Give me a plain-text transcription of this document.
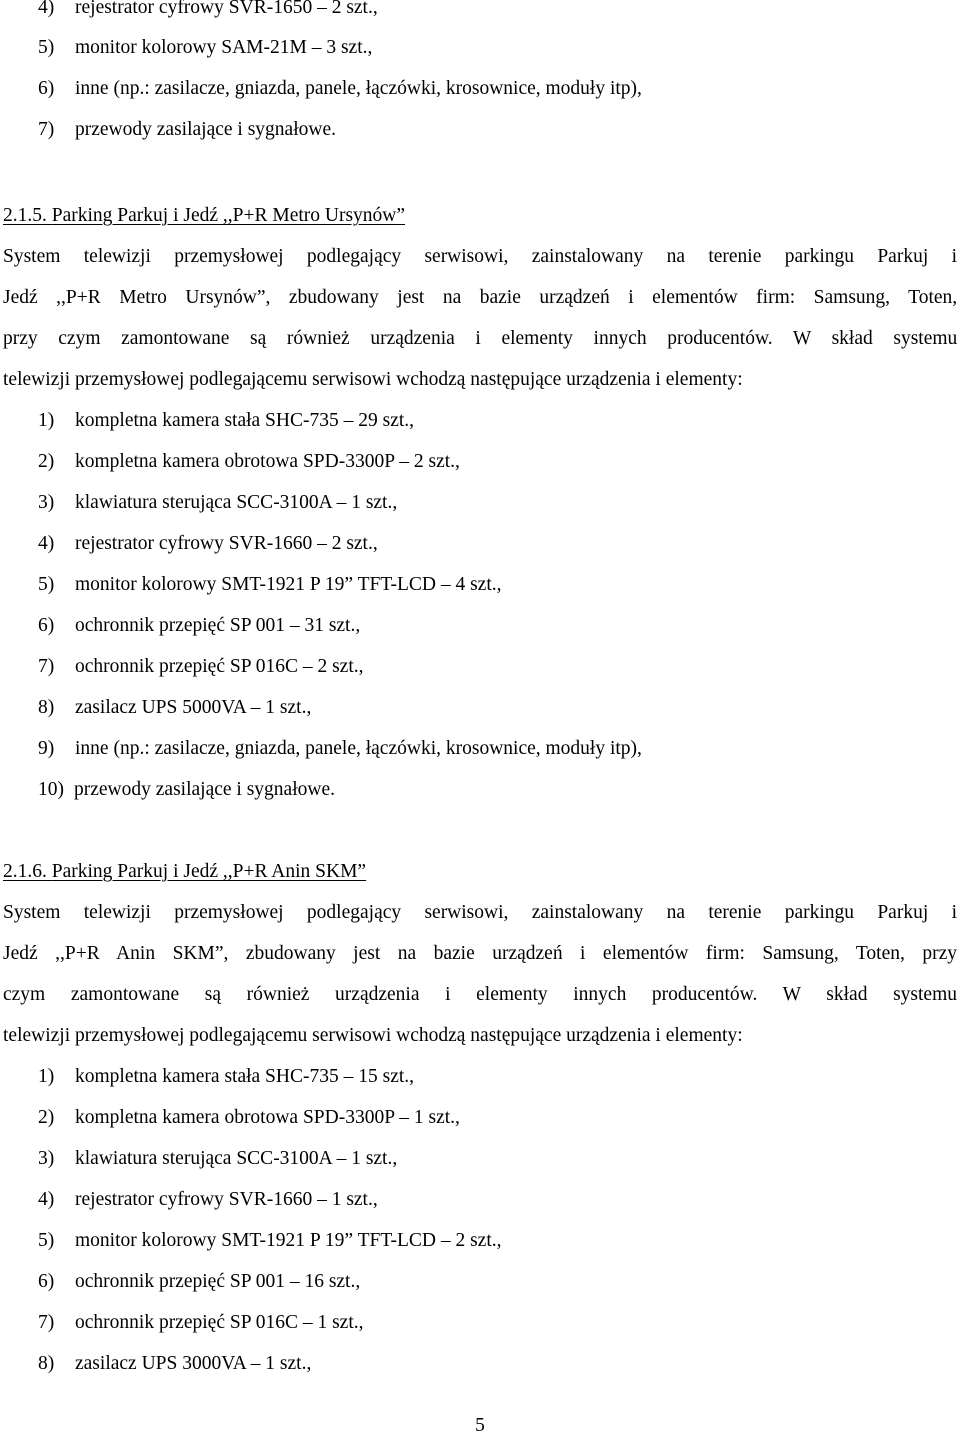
4) rejestrator cyfrowy SVR-1650 – 2 szt.,
5) monitor kolorowy SAM-21M – 3 szt.,
6) inne (np.: zasilacze, gniazda, panele, łączówki, krosownice, moduły itp),
7) przewody zasilające i sygnałowe.
2.1.5. Parking Parkuj i Jedź ,,P+R Metro Ursynów”
System telewizji przemysłowej podlegający serwisowi, zainstalowany na terenie parkingu Parkuj i
Jedź ,,P+R Metro Ursynów”, zbudowany jest na bazie urządzeń i elementów firm: Samsung, Toten,
przy czym zamontowane są również urządzenia i elementy innych producentów. W skład systemu
telewizji przemysłowej podlegającemu serwisowi wchodzą następujące urządzenia i elementy:
1) kompletna kamera stała SHC-735 – 29 szt.,
2) kompletna kamera obrotowa SPD-3300P – 2 szt.,
3) klawiatura sterująca SCC-3100A – 1 szt.,
4) rejestrator cyfrowy SVR-1660 – 2 szt.,
5) monitor kolorowy SMT-1921 P 19” TFT-LCD – 4 szt.,
6) ochronnik przepięć SP 001 – 31 szt.,
7) ochronnik przepięć SP 016C – 2 szt.,
8) zasilacz UPS 5000VA – 1 szt.,
9) inne (np.: zasilacze, gniazda, panele, łączówki, krosownice, moduły itp),
10) przewody zasilające i sygnałowe.
2.1.6. Parking Parkuj i Jedź ,,P+R Anin SKM”
System telewizji przemysłowej podlegający serwisowi, zainstalowany na terenie parkingu Parkuj i
Jedź ,,P+R Anin SKM”, zbudowany jest na bazie urządzeń i elementów firm: Samsung, Toten, przy
czym zamontowane są również urządzenia i elementy innych producentów. W skład systemu
telewizji przemysłowej podlegającemu serwisowi wchodzą następujące urządzenia i elementy:
1) kompletna kamera stała SHC-735 – 15 szt.,
2) kompletna kamera obrotowa SPD-3300P – 1 szt.,
3) klawiatura sterująca SCC-3100A – 1 szt.,
4) rejestrator cyfrowy SVR-1660 – 1 szt.,
5) monitor kolorowy SMT-1921 P 19” TFT-LCD – 2 szt.,
6) ochronnik przepięć SP 001 – 16 szt.,
7) ochronnik przepięć SP 016C – 1 szt.,
8) zasilacz UPS 3000VA – 1 szt.,
5
